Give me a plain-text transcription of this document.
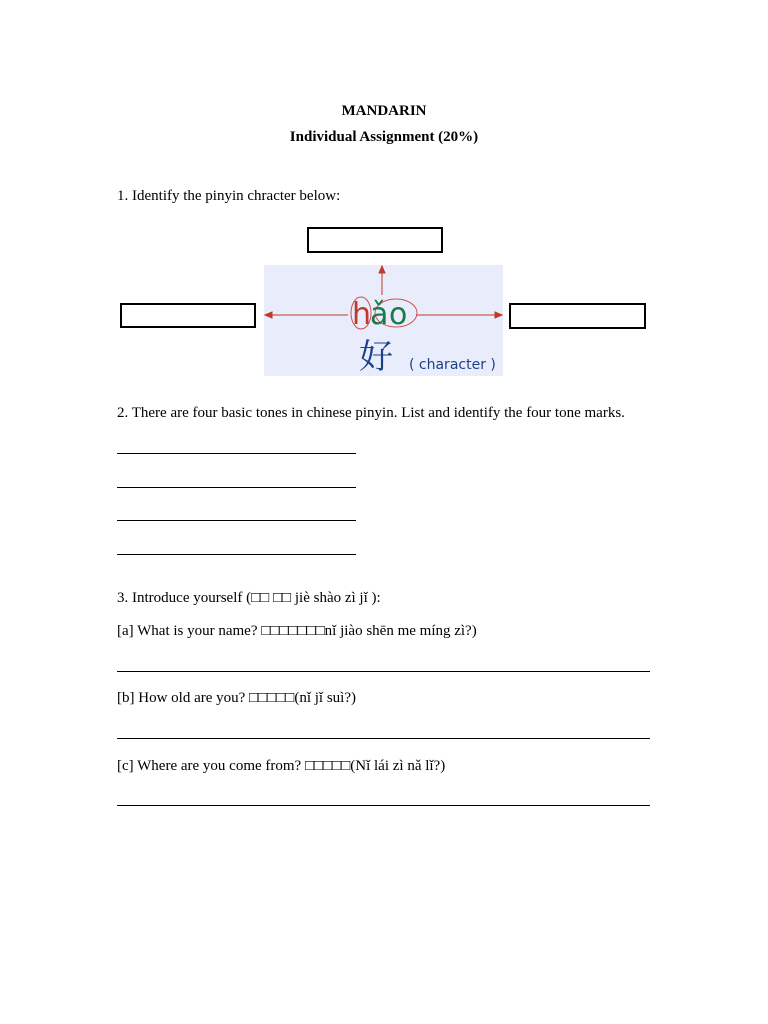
MANDARIN
Individual Assignment (20%)
1. Identify the pinyin chracter below:
h
ǎ o
好 ( character )
2. There are four basic tones in chinese pinyin. List and identify the four tone marks.
3. Introduce yourself (□□ □□ jiè shào zì jǐ ):
[a] What is your name? □□□□□□□nǐ jiào shēn me míng zì?)
[b] How old are you? □□□□□(nǐ jǐ suì?)
[c] Where are you come from? □□□□□(Nǐ lái zì nǎ lǐ?)
